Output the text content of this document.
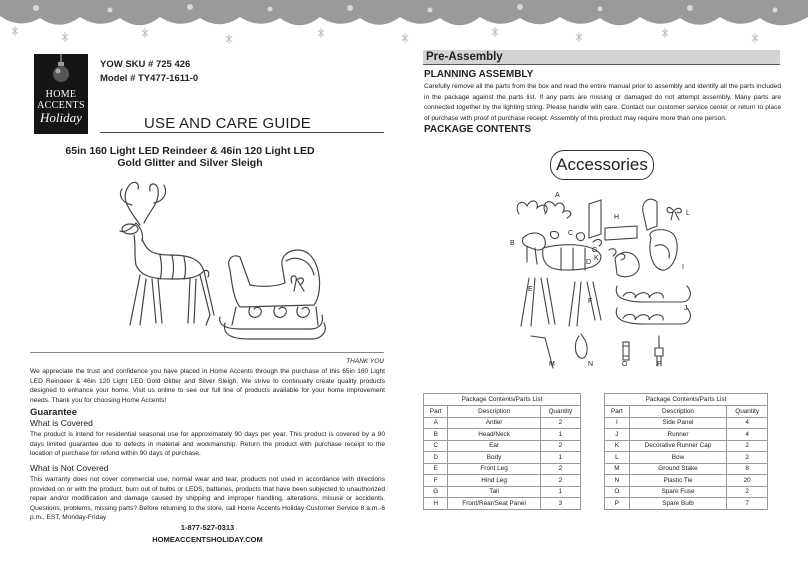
HOME
ACCENTS
Holiday
YOW SKU # 725 426
Model # TY477-1611-0
USE AND CARE GUIDE
65in 160 Light LED Reindeer & 46in 120 Light LED
Gold Glitter and Silver Sleigh
THANK YOU
We appreciate the trust and confidence you have placed in Home Accents through the purchase of this 65in 160 Light LED Reindeer & 46in 120 Light LED Gold Glitter and Silver Sleigh. We strive to continually create quality products designed to enhance your home. Visit us online to see our full line of products available for your home improvement needs. Thank you for choosing Home Accents!
Guarantee
What is Covered
The product is intend for residential seasonal use for approximately 90 days per year. This product is covered by a 90 days limited guarantee due to defects in material and workmanship. Return the product with purchase receipt to the location of purchase for refund within 90 days of purchase.
What is Not Covered
This warranty does not cover commercial use, normal wear and tear, products not used in accordance with directions provided on or with the product, burn out of bulbs or LEDS, batteries, products that have been subjected to unauthorized repair and/or modification and damage caused by shipping and improper handling, alterations, misuse or accidents. Questions, problems, missing parts? Before returning to the store, call Home Accents Holiday Customer Service 8 a.m.-6 p.m., EST, Monday-Friday
1-877-527-0313
HOMEACCENTSHOLIDAY.COM
Pre-Assembly
PLANNING ASSEMBLY
Carefully remove all the parts from the box and read the entire manual prior to assembly and identify all the parts included in the package against the parts list. If any parts are missing or damaged do not attempt assembly. Many parts are connected together by the lighting string. Please handle with care. Contact our customer service center or return to place of purchase with proof of purchase receipt. Assembly of this product may require more than one person.
PACKAGE CONTENTS
Accessories
A
B
C
D
E
F
G
H
I
J
K
L
M	N	O	P
Package Contents/Parts List		
Part	Description	Quantity
A	Antler	2
B	Head/Neck	1
C	Ear	2
D	Body	1
E	Front Leg	2
F	Hind Leg	2
G	Tail	1
H	Front/Rear/Seat Panel	3
Package Contents/Parts List		
Part	Description	Quantity
I	Side Panel	4
J	Runner	4
K	Decorative Runner Cap	2
L	Bow	2
M	Ground Stake	8
N	Plastic Tie	20
O	Spare Fuse	2
P	Spare Bulb	7
